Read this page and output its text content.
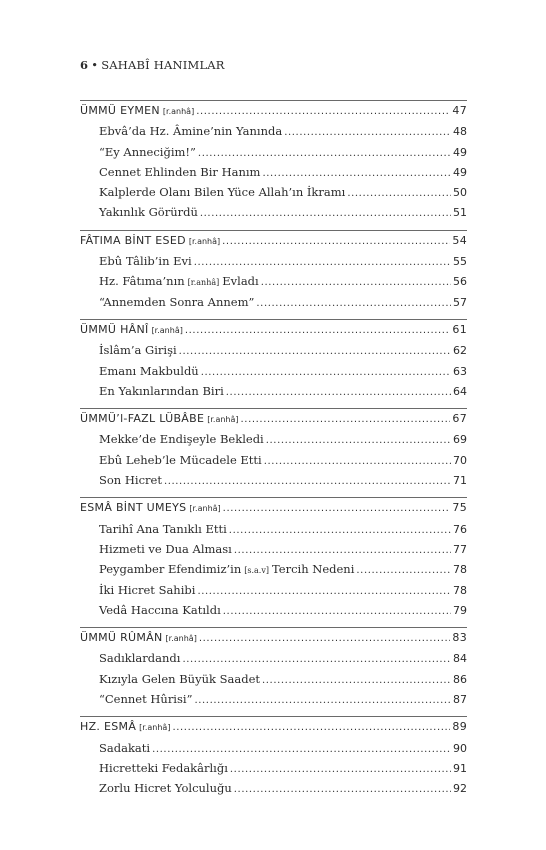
6 • SAHABÎ HANIMLAR
ÜMMÜ EYMEN [r.anhâ] .....	47
Ebvâ’da Hz. Âmine’nin Yanında .....	48
“Ey Anneciğim!” .....	49
Cennet Ehlinden Bir Hanım .....	49
Kalplerde Olanı Bilen Yüce Allah’ın İkramı .....	50
Yakınlık Görürdü .....	51
FÂTIMA BİNT ESED [r.anhâ] .....	54
Ebû Tâlib’in Evi .....	55
Hz. Fâtıma’nın [r.anhâ] Evladı .....	56
“Annemden Sonra Annem” .....	57
ÜMMÜ HÂNÎ [r.anhâ] .....	61
İslâm’a Girişi .....	62
Emanı Makbuldü .....	63
En Yakınlarından Biri .....	64
ÜMMÜ’l-FAZL LÜBÂBE [r.anhâ] .....	67
Mekke’de Endişeyle Bekledi .....	69
Ebû Leheb’le Mücadele Etti .....	70
Son Hicret .....	71
ESMÂ BİNT UMEYS [r.anhâ] .....	75
Tarihî Ana Tanıklı Etti .....	76
Hizmeti ve Dua Alması .....	77
Peygamber Efendimiz’in [s.a.v] Tercih Nedeni .....	78
İki Hicret Sahibi .....	78
Vedâ Haccına Katıldı .....	79
ÜMMÜ RÛMÂN [r.anhâ] .....	83
Sadıklardandı .....	84
Kızıyla Gelen Büyük Saadet .....	86
“Cennet Hûrisi” .....	87
HZ. ESMÂ [r.anhâ] .....	89
Sadakati .....	90
Hicretteki Fedakârlığı .....	91
Zorlu Hicret Yolculuğu .....	92
